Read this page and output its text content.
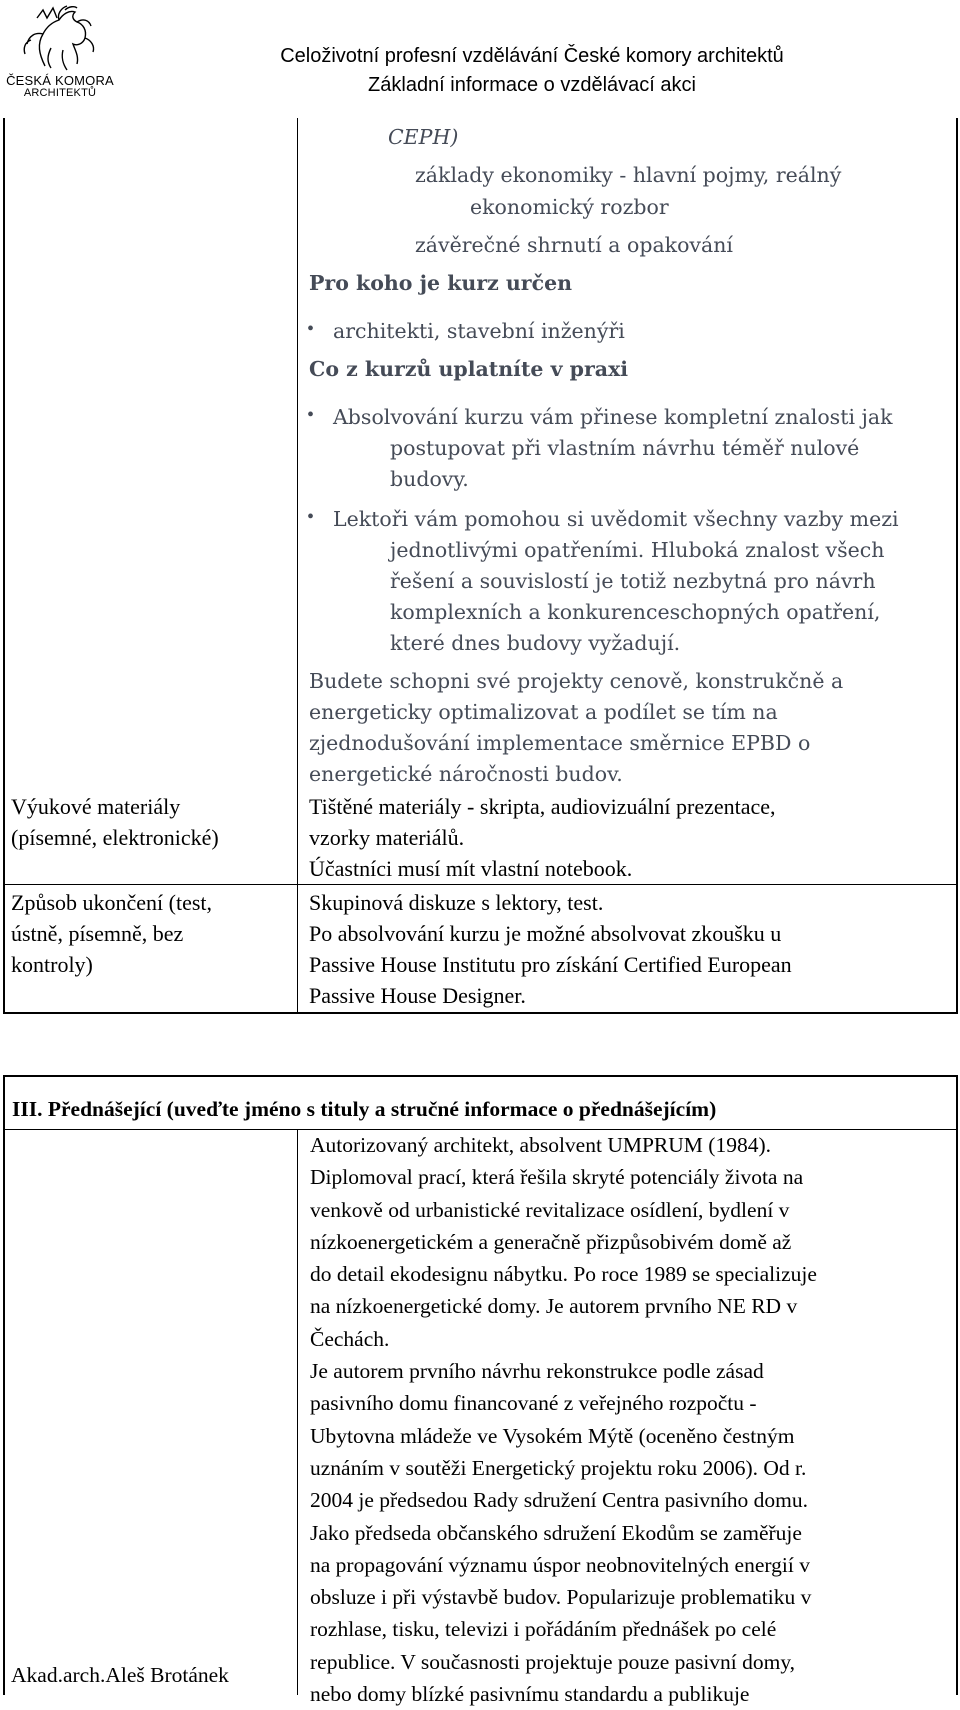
ČESKÁ KOMORA
ARCHITEKTŮ
Celoživotní profesní vzdělávání České komory architektů
Základní informace o vzdělávací akci
CEPH)
základy ekonomiky - hlavní pojmy, reálný
ekonomický rozbor
závěrečné shrnutí a opakování
Pro koho je kurz určen
• architekti, stavební inženýři
Co z kurzů uplatníte v praxi
• Absolvování kurzu vám přinese kompletní znalosti jak
postupovat při vlastním návrhu téměř nulové
budovy.
• Lektoři vám pomohou si uvědomit všechny vazby mezi
jednotlivými opatřeními. Hluboká znalost všech
řešení a souvislostí je totiž nezbytná pro návrh
komplexních a konkurenceschopných opatření,
které dnes budovy vyžadují.
Budete schopni své projekty cenově, konstrukčně a
energeticky optimalizovat a podílet se tím na
zjednodušování implementace směrnice EPBD o
energetické náročnosti budov.
Výukové materiály
(písemné, elektronické)
Tištěné materiály - skripta, audiovizuální prezentace,
vzorky materiálů.
Účastníci musí mít vlastní notebook.
Způsob ukončení (test,
ústně, písemně, bez
kontroly)
Skupinová diskuze s lektory, test.
Po absolvování kurzu je možné absolvovat zkoušku u
Passive House Institutu pro získání Certified European
Passive House Designer.
III. Přednášející (uveďte jméno s tituly a stručné informace o přednášejícím)
Akad.arch.Aleš Brotánek

Autorizovaný architekt, absolvent UMPRUM (1984).

Diplomoval prací, která řešila skryté potenciály života na

venkově od urbanistické revitalizace osídlení, bydlení v

nízkoenergetickém a generačně přizpůsobivém domě až

do detail ekodesignu nábytku. Po roce 1989 se specializuje

na nízkoenergetické domy. Je autorem prvního NE RD v

Čechách.

Je autorem prvního návrhu rekonstrukce podle zásad

pasivního domu financované z veřejného rozpočtu -

Ubytovna mládeže ve Vysokém Mýtě (oceněno čestným

uznáním v soutěži Energetický projektu roku 2006). Od r.

2004 je předsedou Rady sdružení Centra pasivního domu.

Jako předseda občanského sdružení Ekodům se zaměřuje

na propagování významu úspor neobnovitelných energií v

obsluze i při výstavbě budov. Popularizuje problematiku v

rozhlase, tisku, televizi i pořádáním přednášek po celé

republice. V současnosti projektuje pouze pasivní domy,

nebo domy blízké pasivnímu standardu a publikuje
